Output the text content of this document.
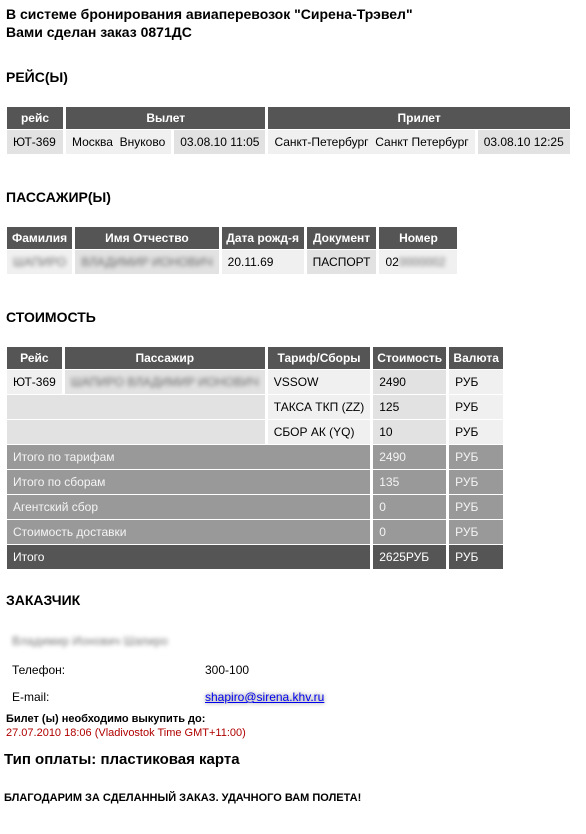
В системе бронирования авиаперевозок "Сирена-Трэвел"
Вами сделан заказ 0871ДС
РЕЙС(Ы)
рейс	Вылет		Прилет	
ЮТ-369	Москва Внуково	03.08.10 11:05	Санкт-Петербург Санкт Петербург	03.08.10 12:25
ПАССАЖИР(Ы)
Фамилия	Имя Отчество	Дата рожд-я	Документ	Номер
ШАПИРО	ВЛАДИМИР ИОНОВИЧ	20.11.69	ПАСПОРТ	020000002
СТОИМОСТЬ
Рейс	Пассажир	Тариф/Сборы	Стоимость	Валюта
ЮТ-369	ШАПИРО ВЛАДИМИР ИОНОВИЧ	VSSOW	2490	РУБ
		ТАКСА ТКП (ZZ)	125	РУБ
		СБОР АК (YQ)	10	РУБ
Итого по тарифам			2490	РУБ
Итого по сборам			135	РУБ
Агентский сбор			0	РУБ
Стоимость доставки			0	РУБ
Итого			2625РУБ	РУБ
ЗАКАЗЧИК
Владимир Ионович Шапиро
Телефон:	300-100
E-mail:	shapiro@sirena.khv.ru
Билет (ы) необходимо выкупить до:
27.07.2010 18:06 (Vladivostok Time GMT+11:00)
Тип оплаты: пластиковая карта
БЛАГОДАРИМ ЗА СДЕЛАННЫЙ ЗАКАЗ. УДАЧНОГО ВАМ ПОЛЕТА!
